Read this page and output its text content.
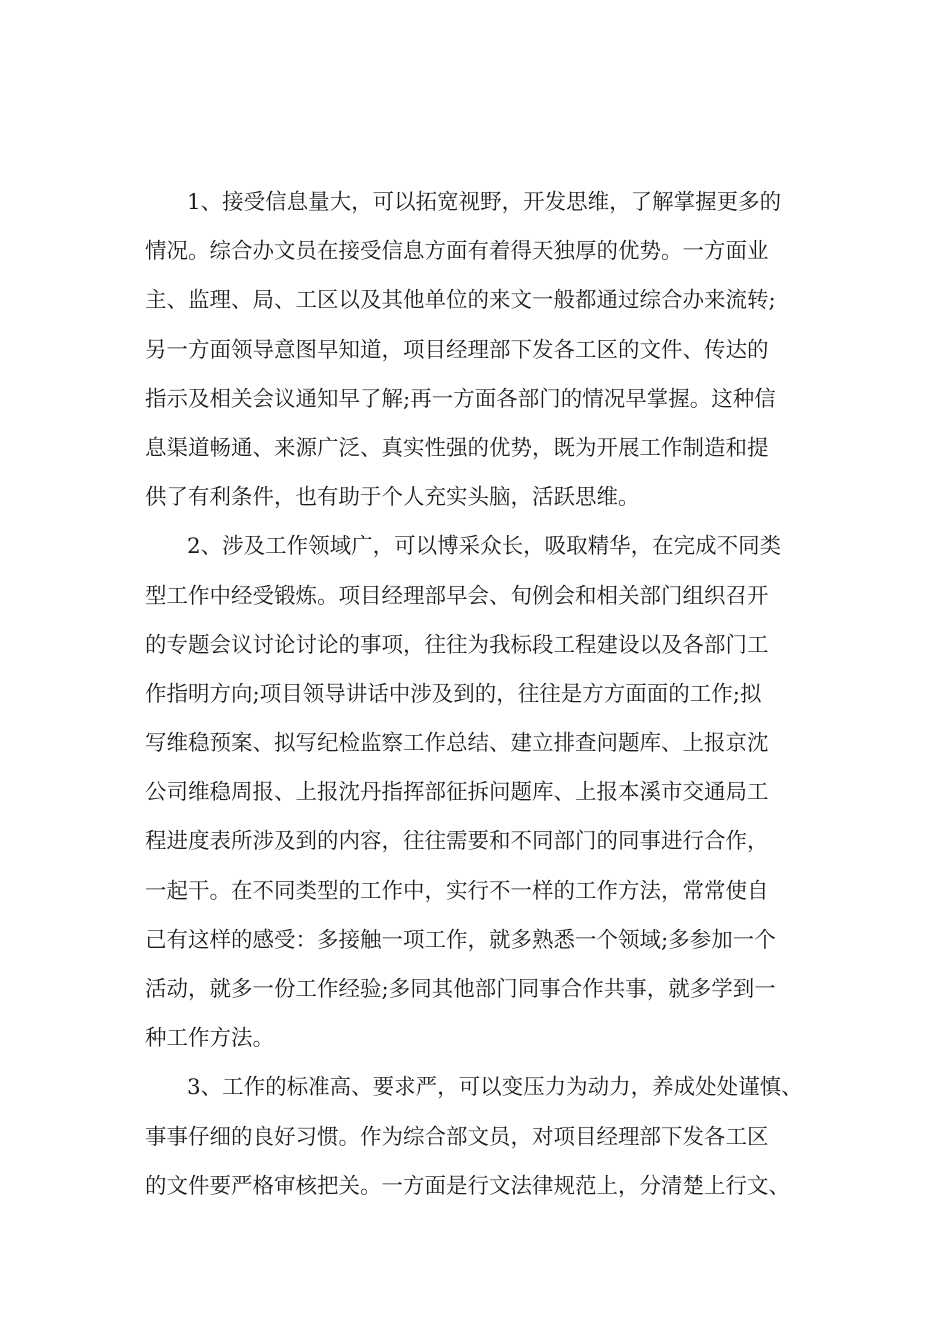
1、接受信息量大，可以拓宽视野，开发思维，了解掌握更多的
情况。综合办文员在接受信息方面有着得天独厚的优势。一方面业
主、监理、局、工区以及其他单位的来文一般都通过综合办来流转;
另一方面领导意图早知道，项目经理部下发各工区的文件、传达的
指示及相关会议通知早了解;再一方面各部门的情况早掌握。这种信
息渠道畅通、来源广泛、真实性强的优势，既为开展工作制造和提
供了有利条件，也有助于个人充实头脑，活跃思维。
2、涉及工作领域广，可以博采众长，吸取精华，在完成不同类
型工作中经受锻炼。项目经理部早会、旬例会和相关部门组织召开
的专题会议讨论讨论的事项，往往为我标段工程建设以及各部门工
作指明方向;项目领导讲话中涉及到的，往往是方方面面的工作;拟
写维稳预案、拟写纪检监察工作总结、建立排查问题库、上报京沈
公司维稳周报、上报沈丹指挥部征拆问题库、上报本溪市交通局工
程进度表所涉及到的内容，往往需要和不同部门的同事进行合作，
一起干。在不同类型的工作中，实行不一样的工作方法，常常使自
己有这样的感受：多接触一项工作，就多熟悉一个领域;多参加一个
活动，就多一份工作经验;多同其他部门同事合作共事，就多学到一
种工作方法。
3、工作的标准高、要求严，可以变压力为动力，养成处处谨慎、
事事仔细的良好习惯。作为综合部文员，对项目经理部下发各工区
的文件要严格审核把关。一方面是行文法律规范上，分清楚上行文、
